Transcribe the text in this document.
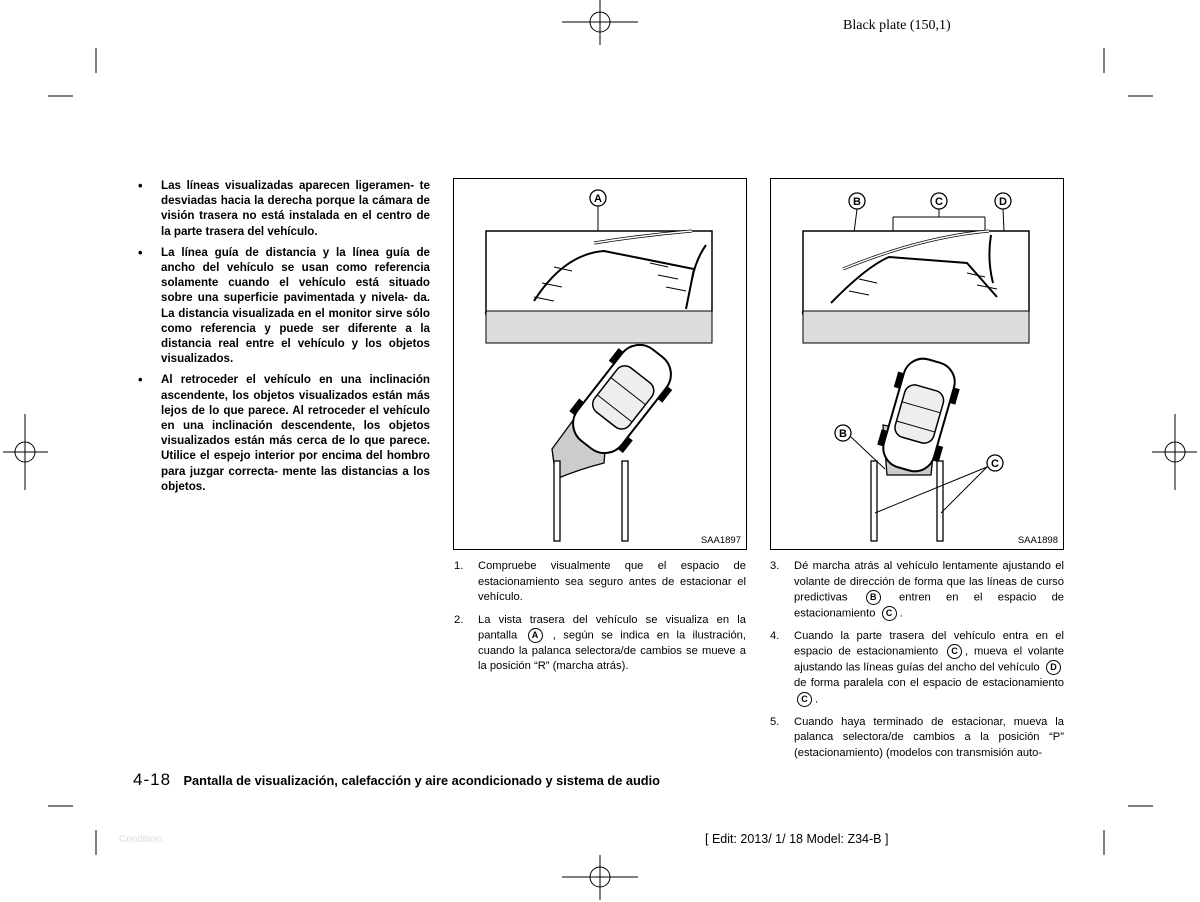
Black plate (150,1)
• Las líneas visualizadas aparecen ligeramen- te desviadas hacia la derecha porque la cámara de visión trasera no está instalada en el centro de la parte trasera del vehículo.
• La línea guía de distancia y la línea guía de ancho del vehículo se usan como referencia solamente cuando el vehículo está situado sobre una superficie pavimentada y nivela- da. La distancia visualizada en el monitor sirve sólo como referencia y puede ser diferente a la distancia real entre el vehículo y los objetos visualizados.
• Al retroceder el vehículo en una inclinación ascendente, los objetos visualizados están más lejos de lo que parece. Al retroceder el vehículo en una inclinación descendente, los objetos visualizados están más cerca de lo que parece. Utilice el espejo interior por encima del hombro para juzgar correcta- mente las distancias a los objetos.
A
SAA1897
B	C	D
B
C
SAA1898
1. Compruebe visualmente que el espacio de estacionamiento sea seguro antes de estacionar el vehículo.
2. La vista trasera del vehículo se visualiza en la pantalla A , según se indica en la ilustración, cuando la palanca selectora/de cambios se mueve a la posición “R” (marcha atrás).
3. Dé marcha atrás al vehículo lentamente ajustando el volante de dirección de forma que las líneas de curso predictivas	B entren en el espacio de estacionamiento C .
4. Cuando la parte trasera del vehículo entra en el espacio de estacionamiento C , mueva el volante ajustando las líneas guías del ancho del vehículo D de forma paralela con el espacio de estacionamiento C .
5. Cuando haya terminado de estacionar, mueva la palanca selectora/de cambios a la posición “P” (estacionamiento) (modelos con transmisión auto-
4-18 Pantalla de visualización, calefacción y aire acondicionado y sistema de audio
Condition:	[ Edit: 2013/ 1/ 18 Model: Z34-B ]
